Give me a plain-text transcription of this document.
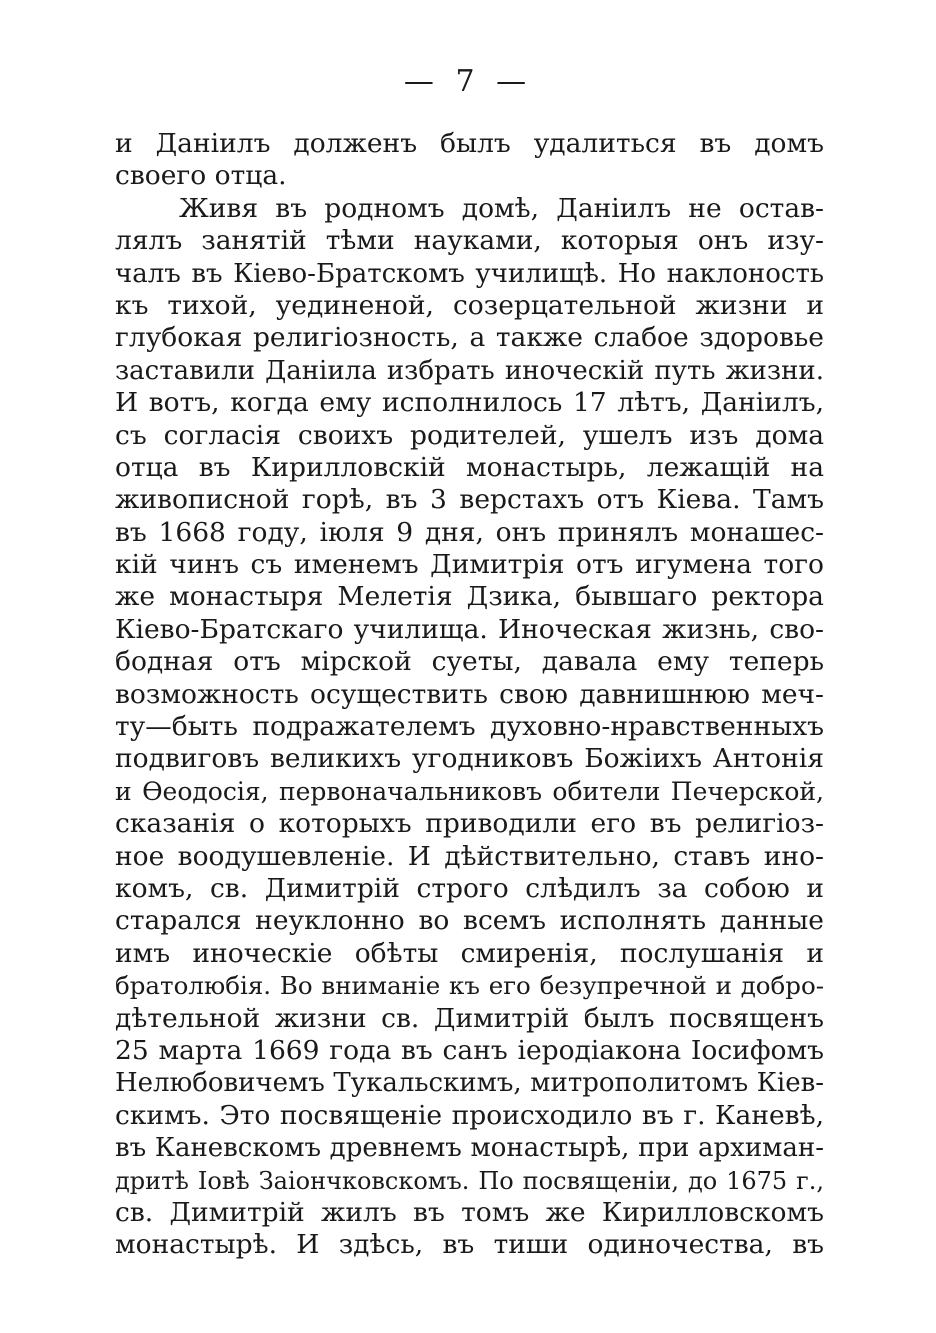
— 7 —
и Даніилъ долженъ былъ удалиться въ домъ
своего отца.
Живя въ родномъ домѣ, Даніилъ не остав-
лялъ занятій тѣми науками, которыя онъ изу-
чалъ въ Кіево-Братскомъ училищѣ. Но наклоность
къ тихой, уединеной, созерцательной жизни и
глубокая религіозность, а также слабое здоровье
заставили Даніила избрать иноческій путь жизни.
И вотъ, когда ему исполнилось 17 лѣтъ, Даніилъ,
съ согласія своихъ родителей, ушелъ изъ дома
отца въ Кирилловскій монастырь, лежащій на
живописной горѣ, въ 3 верстахъ отъ Кіева. Тамъ
въ 1668 году, іюля 9 дня, онъ принялъ монашес-
кій чинъ съ именемъ Димитрія отъ игумена того
же монастыря Мелетія Дзика, бывшаго ректора
Кіево-Братскаго училища. Иноческая жизнь, сво-
бодная отъ мірской суеты, давала ему теперь
возможность осуществить свою давнишнюю меч-
ту—быть подражателемъ духовно-нравственныхъ
подвиговъ великихъ угодниковъ Божіихъ Антонія
и Ѳеодосія, первоначальниковъ обители Печерской,
сказанія о которыхъ приводили его въ религіоз-
ное воодушевленіе. И дѣйствительно, ставъ ино-
комъ, св. Димитрій строго слѣдилъ за собою и
старался неуклонно во всемъ исполнять данные
имъ иноческіе обѣты смиренія, послушанія и
братолюбія. Во вниманіе къ его безупречной и добро-
дѣтельной жизни св. Димитрій былъ посвященъ
25 марта 1669 года въ санъ іеродіакона Іосифомъ
Нелюбовичемъ Тукальскимъ, митрополитомъ Кіев-
скимъ. Это посвященіе происходило въ г. Каневѣ,
въ Каневскомъ древнемъ монастырѣ, при архиман-
дритѣ Іовѣ Заіончковскомъ. По посвященіи, до 1675 г.,
св. Димитрій жилъ въ томъ же Кирилловскомъ
монастырѣ. И здѣсь, въ тиши одиночества, въ
